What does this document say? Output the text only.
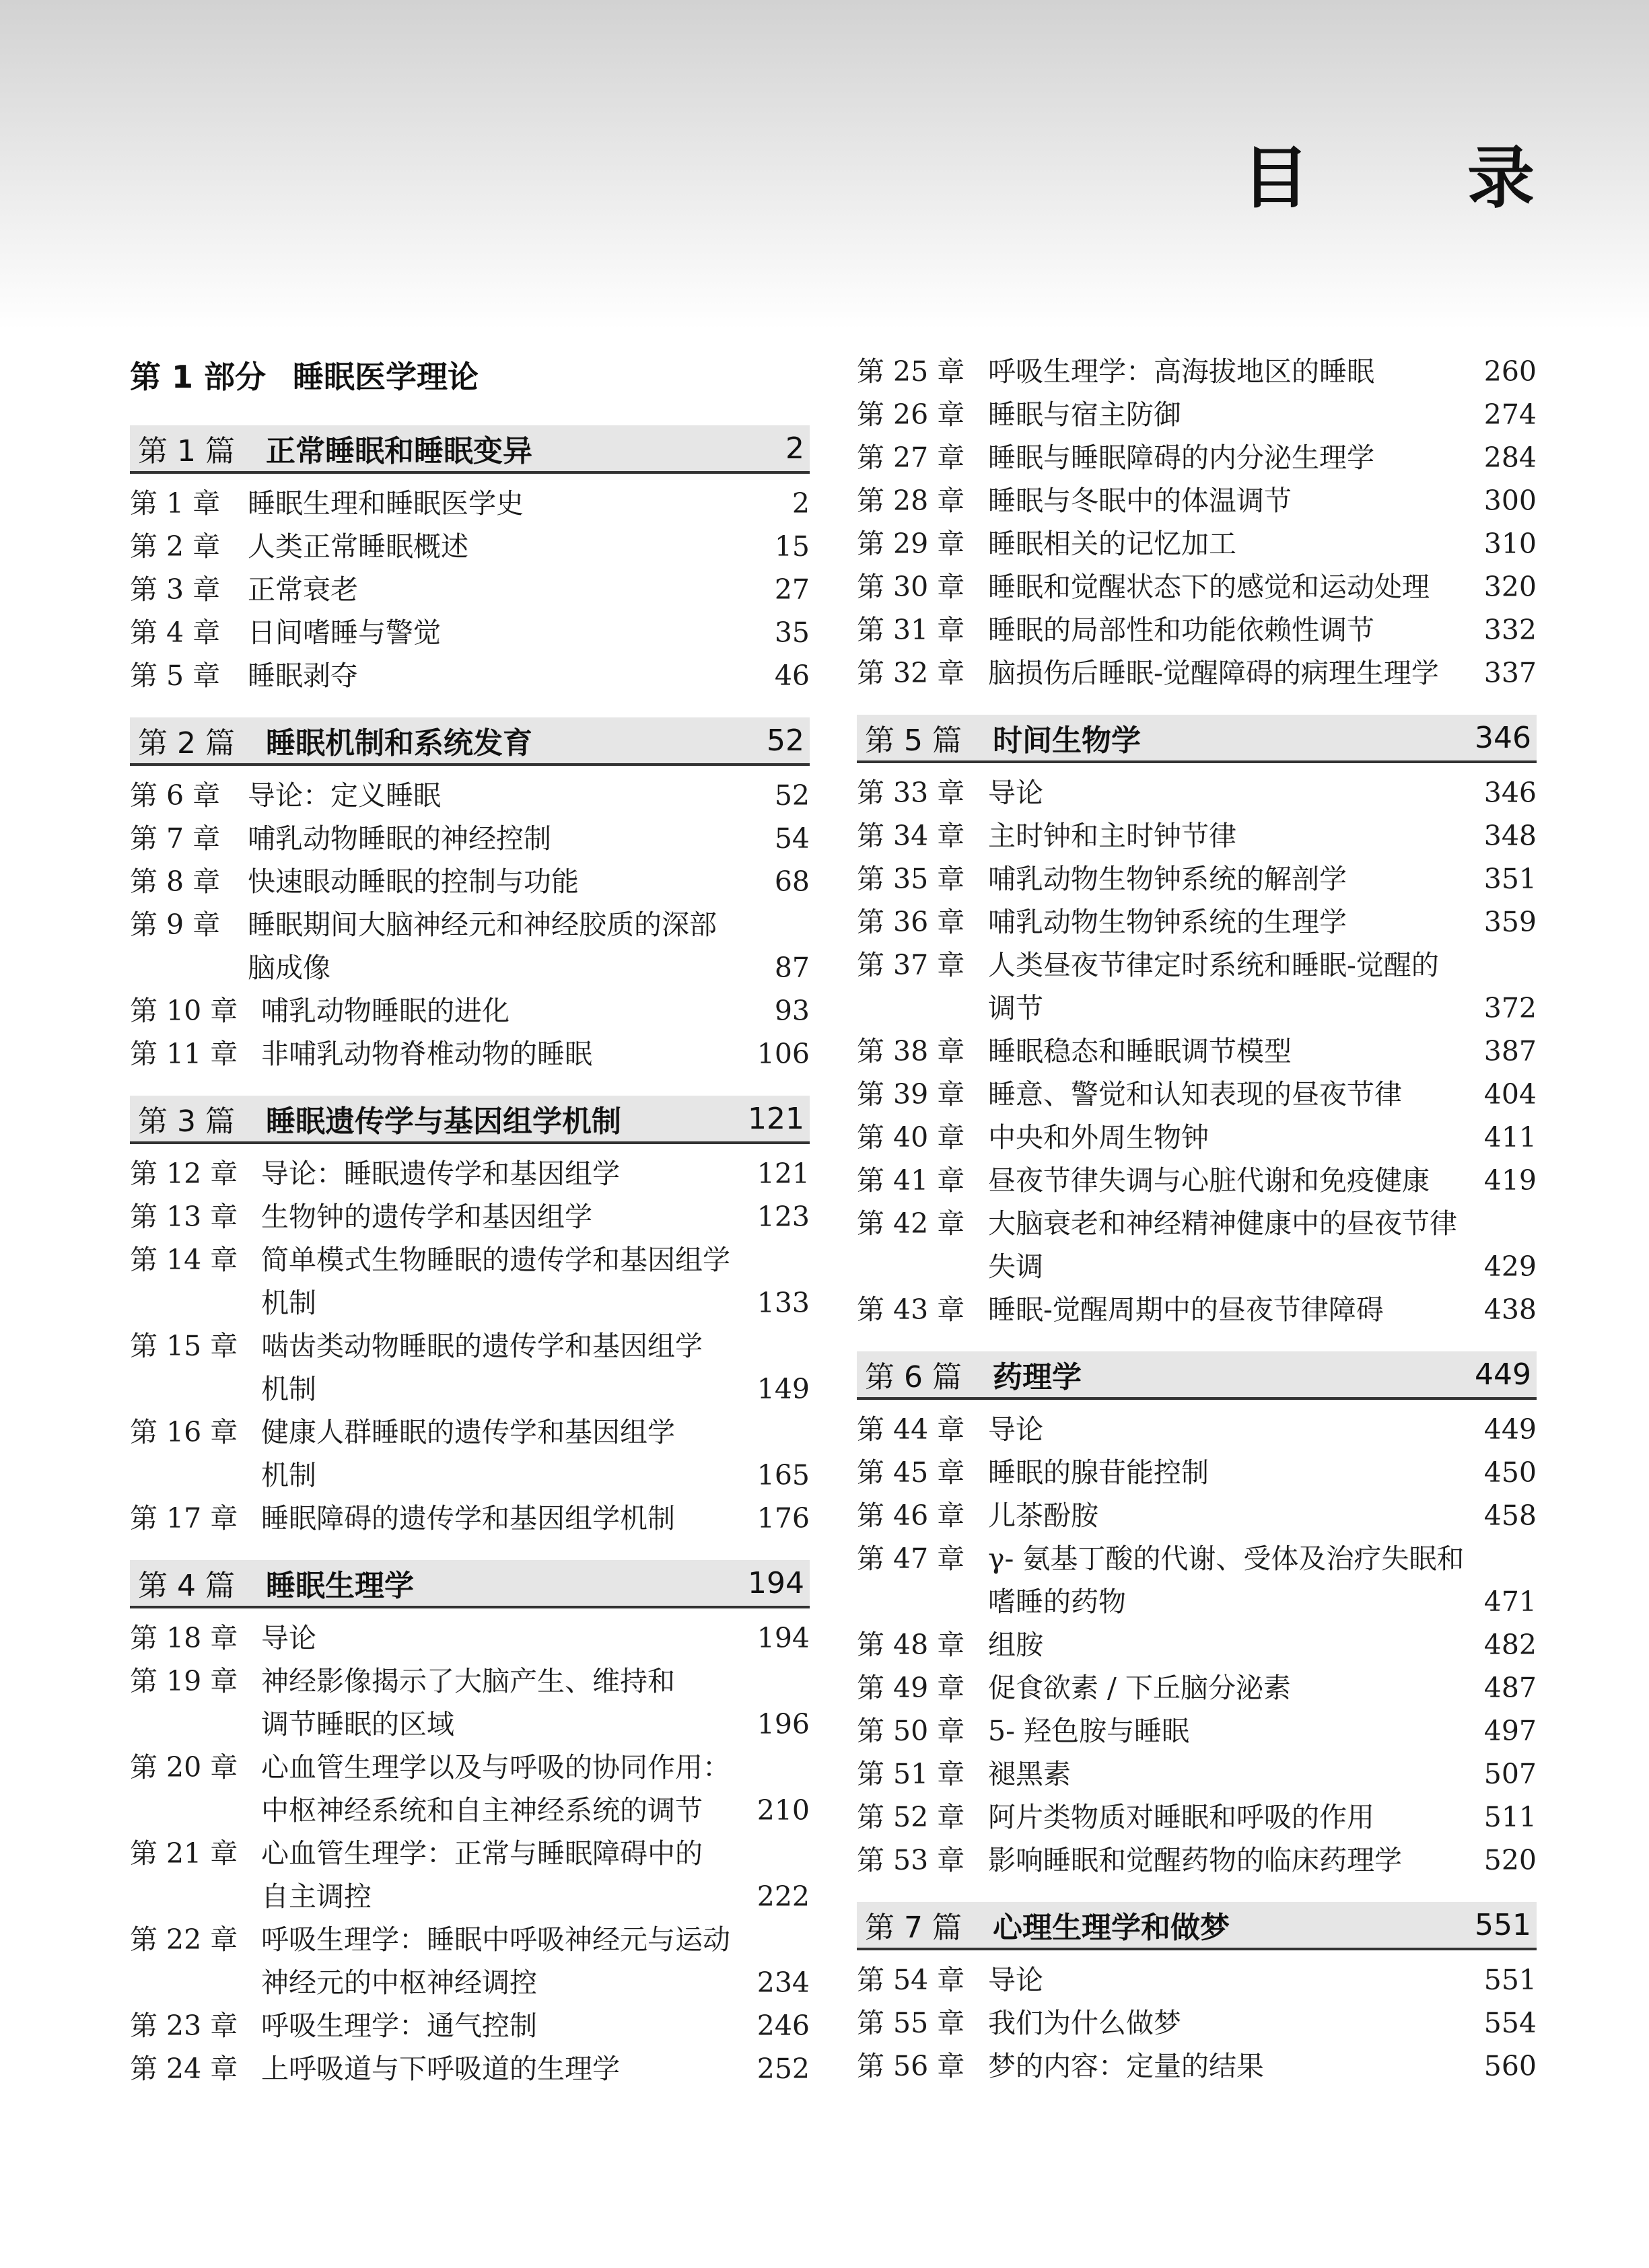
目 录
第 1 部分 睡眠医学理论
第 1 篇	正常睡眠和睡眠变异	2
第 1 章 睡眠生理和睡眠医学史	2
第 2 章 人类正常睡眠概述	15
第 3 章 正常衰老	27
第 4 章 日间嗜睡与警觉	35
第 5 章 睡眠剥夺	46
第 2 篇	睡眠机制和系统发育	52
第 6 章 导论：定义睡眠	52
第 7 章 哺乳动物睡眠的神经控制	54
第 8 章 快速眼动睡眠的控制与功能	68
第 9 章 睡眠期间大脑神经元和神经胶质的深部
脑成像	87
第 10 章 哺乳动物睡眠的进化	93
第 11 章 非哺乳动物脊椎动物的睡眠	106
第 3 篇	睡眠遗传学与基因组学机制	121
第 12 章 导论：睡眠遗传学和基因组学	121
第 13 章 生物钟的遗传学和基因组学	123
第 14 章 简单模式生物睡眠的遗传学和基因组学
机制	133
第 15 章 啮齿类动物睡眠的遗传学和基因组学
机制	149
第 16 章 健康人群睡眠的遗传学和基因组学
机制	165
第 17 章 睡眠障碍的遗传学和基因组学机制	176
第 4 篇	睡眠生理学	194
第 18 章 导论	194
第 19 章 神经影像揭示了大脑产生、维持和
调节睡眠的区域	196
第 20 章 心血管生理学以及与呼吸的协同作用：
中枢神经系统和自主神经系统的调节 210
第 21 章 心血管生理学：正常与睡眠障碍中的
自主调控	222
第 22 章 呼吸生理学：睡眠中呼吸神经元与运动
神经元的中枢神经调控	234
第 23 章 呼吸生理学：通气控制	246
第 24 章 上呼吸道与下呼吸道的生理学	252
第 25 章 呼吸生理学：高海拔地区的睡眠	260
第 26 章 睡眠与宿主防御	274
第 27 章 睡眠与睡眠障碍的内分泌生理学	284
第 28 章 睡眠与冬眠中的体温调节	300
第 29 章 睡眠相关的记忆加工	310
第 30 章 睡眠和觉醒状态下的感觉和运动处理 320
第 31 章 睡眠的局部性和功能依赖性调节	332
第 32 章 脑损伤后睡眠-觉醒障碍的病理生理学 337
第 5 篇	时间生物学	346
第 33 章 导论	346
第 34 章 主时钟和主时钟节律	348
第 35 章 哺乳动物生物钟系统的解剖学	351
第 36 章 哺乳动物生物钟系统的生理学	359
第 37 章 人类昼夜节律定时系统和睡眠-觉醒的
调节	372
第 38 章 睡眠稳态和睡眠调节模型	387
第 39 章 睡意、警觉和认知表现的昼夜节律	404
第 40 章 中央和外周生物钟	411
第 41 章 昼夜节律失调与心脏代谢和免疫健康 419
第 42 章 大脑衰老和神经精神健康中的昼夜节律
失调	429
第 43 章 睡眠-觉醒周期中的昼夜节律障碍	438
第 6 篇	药理学	449
第 44 章 导论	449
第 45 章 睡眠的腺苷能控制	450
第 46 章 儿茶酚胺	458
第 47 章 γ- 氨基丁酸的代谢、受体及治疗失眠和
嗜睡的药物	471
第 48 章 组胺	482
第 49 章 促食欲素 / 下丘脑分泌素	487
第 50 章 5- 羟色胺与睡眠	497
第 51 章 褪黑素	507
第 52 章 阿片类物质对睡眠和呼吸的作用	511
第 53 章 影响睡眠和觉醒药物的临床药理学	520
第 7 篇	心理生理学和做梦	551
第 54 章 导论	551
第 55 章 我们为什么做梦	554
第 56 章 梦的内容：定量的结果	560
